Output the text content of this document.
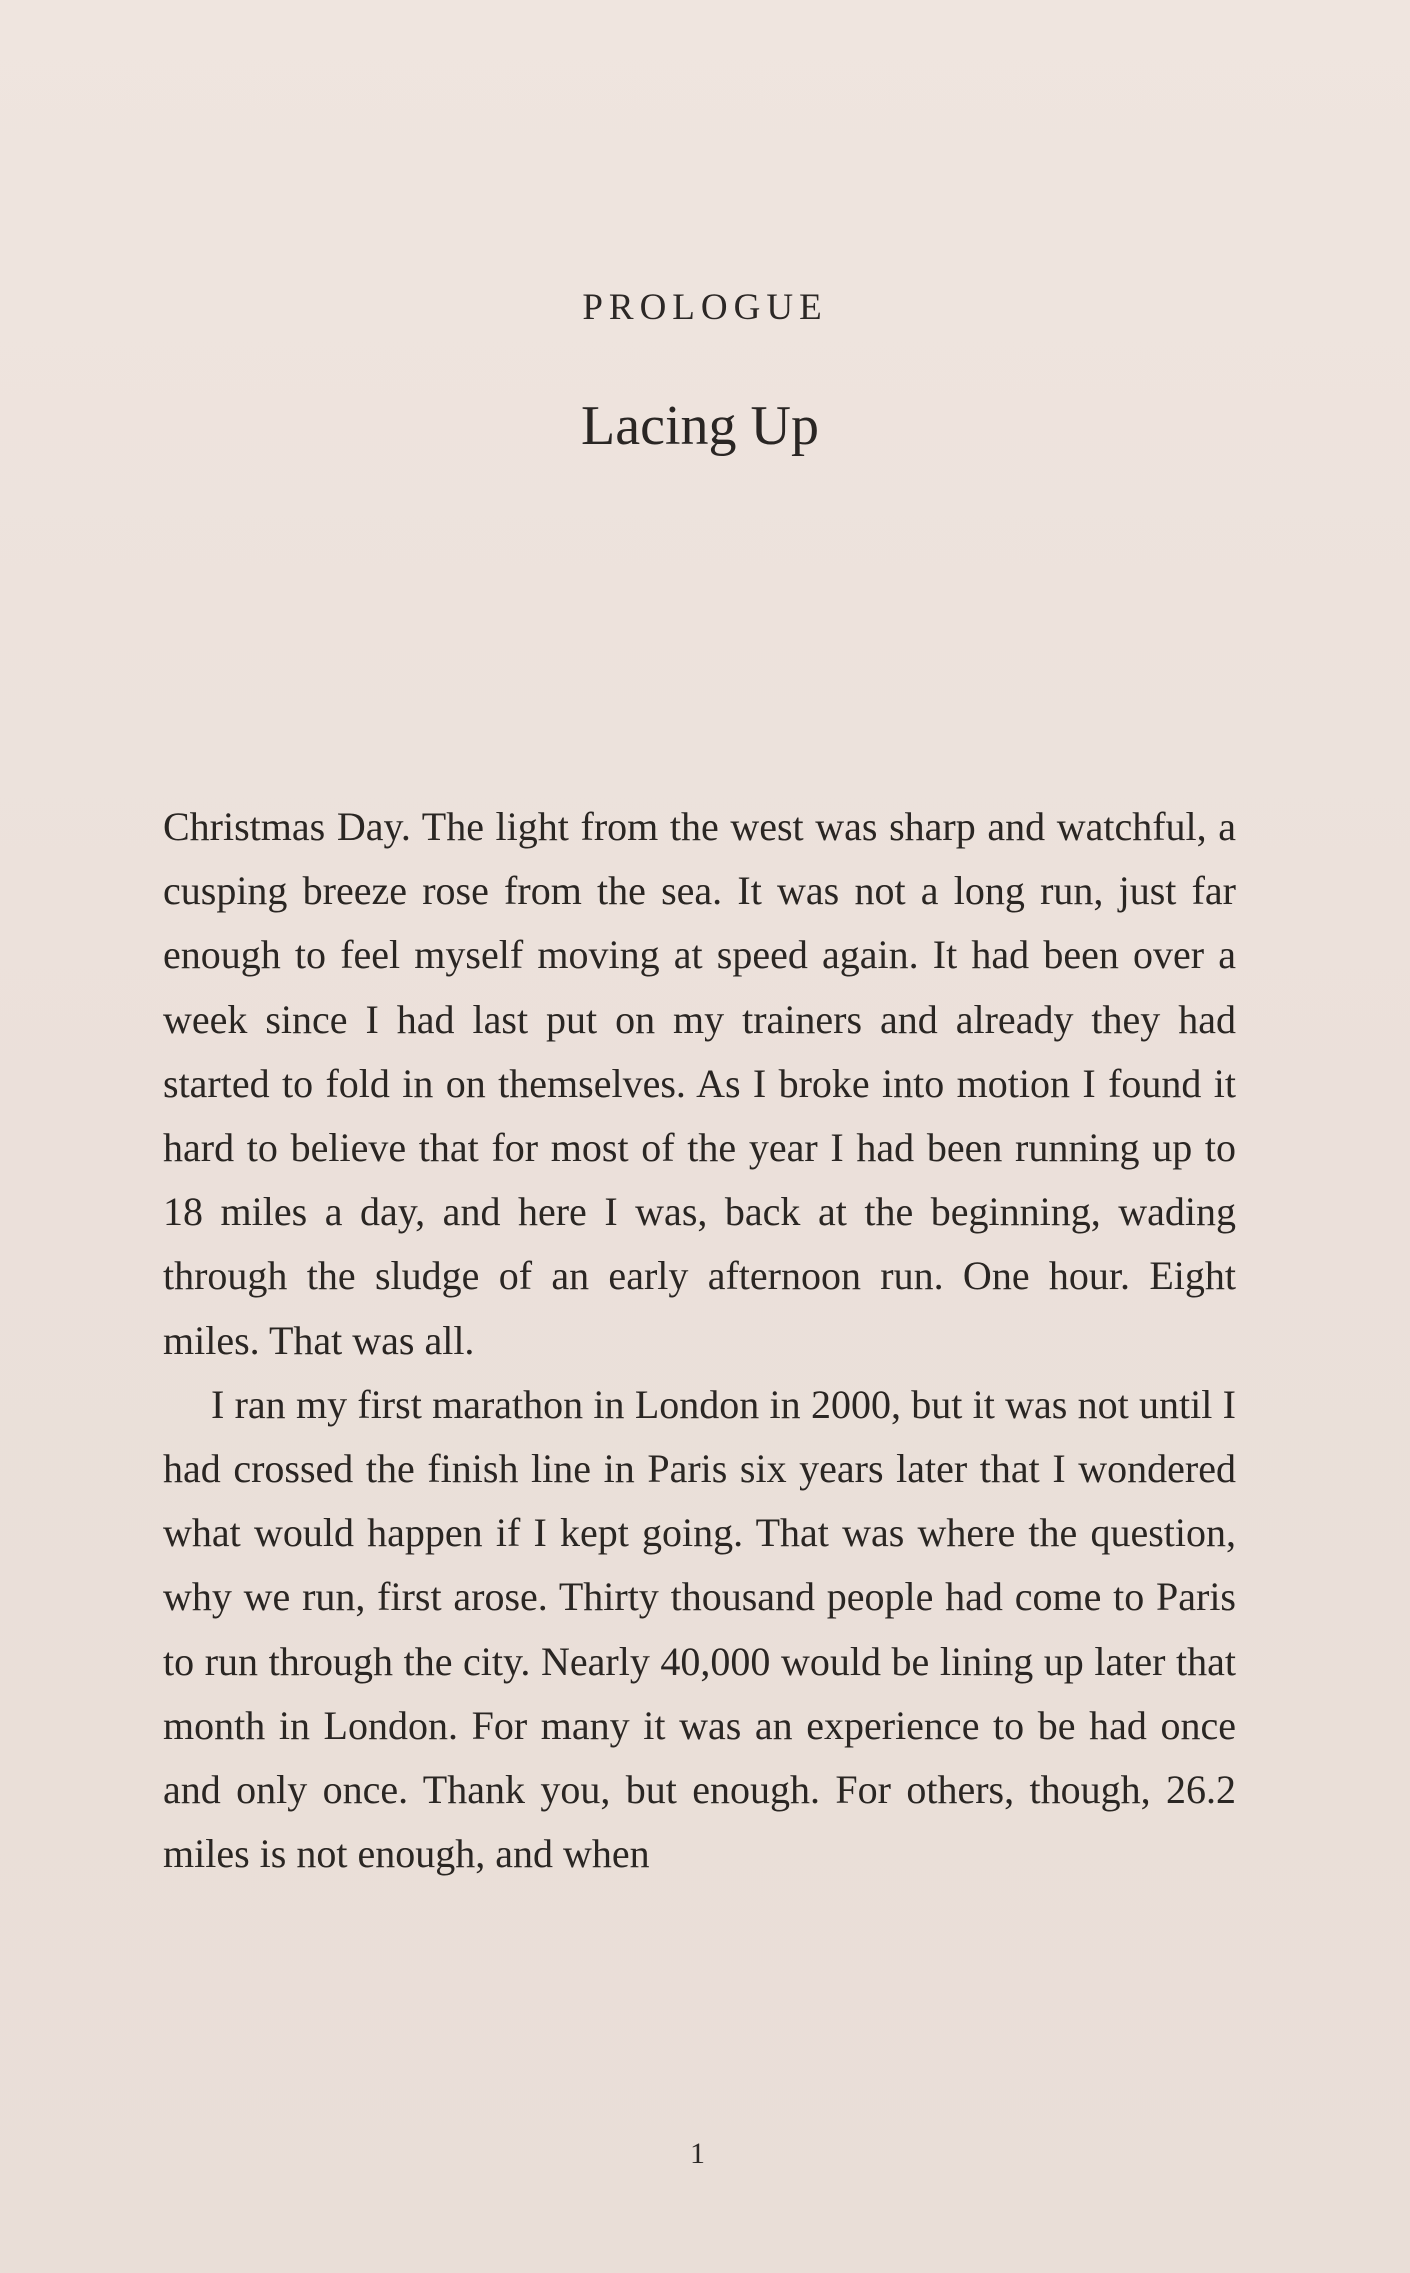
PROLOGUE
Lacing Up

Christmas Day. The light from the west was sharp and watchful, a cusping breeze rose from the sea. It was not a long run, just far enough to feel myself moving at speed again. It had been over a week since I had last put on my trainers and already they had started to fold in on themselves. As I broke into motion I found it hard to believe that for most of the year I had been running up to 18 miles a day, and here I was, back at the beginning, wading through the sludge of an early afternoon run. One hour. Eight miles. That was all.

I ran my first marathon in London in 2000, but it was not until I had crossed the finish line in Paris six years later that I wondered what would happen if I kept going. That was where the question, why we run, first arose. Thirty thousand people had come to Paris to run through the city. Nearly 40,000 would be lining up later that month in London. For many it was an experience to be had once and only once. Thank you, but enough. For others, though, 26.2 miles is not enough, and when

1
